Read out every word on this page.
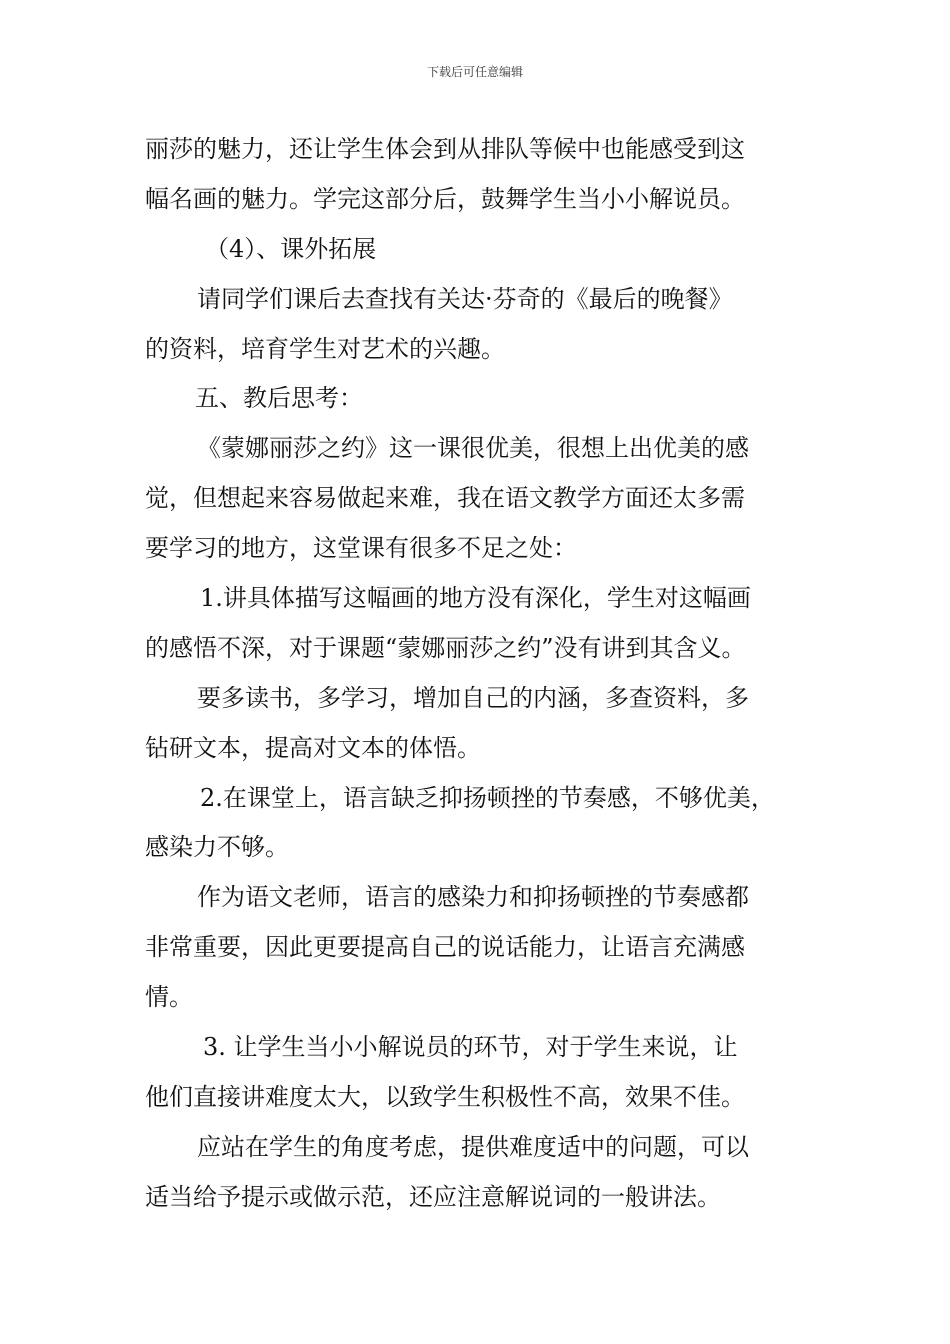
下载后可任意编辑
丽莎的魅力，还让学生体会到从排队等候中也能感受到这
幅名画的魅力。学完这部分后，鼓舞学生当小小解说员。
（4）、课外拓展
请同学们课后去查找有关达·芬奇的《最后的晚餐》
的资料，培育学生对艺术的兴趣。
五、教后思考：
《蒙娜丽莎之约》这一课很优美，很想上出优美的感
觉，但想起来容易做起来难，我在语文教学方面还太多需
要学习的地方，这堂课有很多不足之处：
1.讲具体描写这幅画的地方没有深化，学生对这幅画
的感悟不深，对于课题“蒙娜丽莎之约”没有讲到其含义。
要多读书，多学习，增加自己的内涵，多查资料，多
钻研文本，提高对文本的体悟。
2.在课堂上，语言缺乏抑扬顿挫的节奏感，不够优美，
感染力不够。
作为语文老师，语言的感染力和抑扬顿挫的节奏感都
非常重要，因此更要提高自己的说话能力，让语言充满感
情。
3. 让学生当小小解说员的环节，对于学生来说，让
他们直接讲难度太大，以致学生积极性不高，效果不佳。
应站在学生的角度考虑，提供难度适中的问题，可以
适当给予提示或做示范，还应注意解说词的一般讲法。
